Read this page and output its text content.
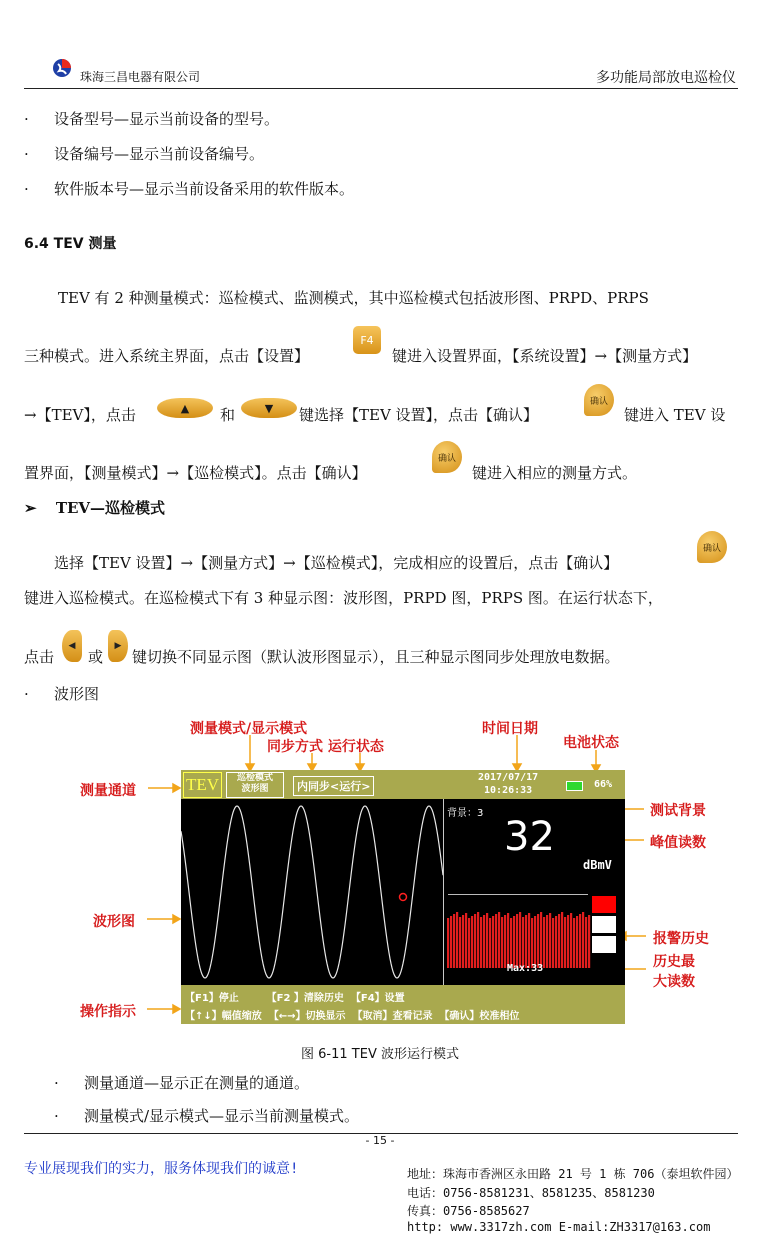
珠海三昌电器有限公司	多功能局部放电巡检仪
· 设备型号—显示当前设备的型号。
· 设备编号—显示当前设备编号。
· 软件版本号—显示当前设备采用的软件版本。
6.4 TEV 测量
TEV 有 2 种测量模式：巡检模式、监测模式，其中巡检模式包括波形图、PRPD、PRPS
三种模式。进入系统主界面，点击【设置】
F4
键进入设置界面，【系统设置】→【测量方式】
→【TEV】，点击	▲ 和	▼ 键选择【TEV 设置】，点击【确认】
确认
键进入 TEV 设
置界面，【测量模式】→【巡检模式】。点击【确认】
确认
键进入相应的测量方式。
➢ TEV—巡检模式
选择【TEV 设置】→【测量方式】→【巡检模式】，完成相应的设置后，点击【确认】
确认
键进入巡检模式。在巡检模式下有 3 种显示图：波形图，PRPD 图，PRPS 图。在运行状态下，
点击
◀
或
▶
键切换不同显示图（默认波形图显示），且三种显示图同步处理放电数据。
· 波形图
测量模式/显示模式
同步方式 运行状态
时间日期
电池状态
测量通道
波形图
操作指示
测试背景
峰值读数
报警历史
历史最
大读数
TEV	巡检模式
波形图	内同步<运行>
2017/07/17
10:26:33
66%
背景：3
32
dBmV
Max:33
【F1】停止        【F2 】清除历史  【F4】设置
【↑↓】幅值缩放  【←→】切换显示  【取消】查看记录  【确认】校准相位
图 6-11 TEV 波形运行模式
· 测量通道—显示正在测量的通道。
· 测量模式/显示模式—显示当前测量模式。
- 15 -
专业展现我们的实力，服务体现我们的诚意!	地址：珠海市香洲区永田路 21 号 1 栋 706（泰坦软件园）
电话：0756-8581231、8581235、8581230
传真：0756-8585627
http: www.3317zh.com E-mail:ZH3317@163.com
